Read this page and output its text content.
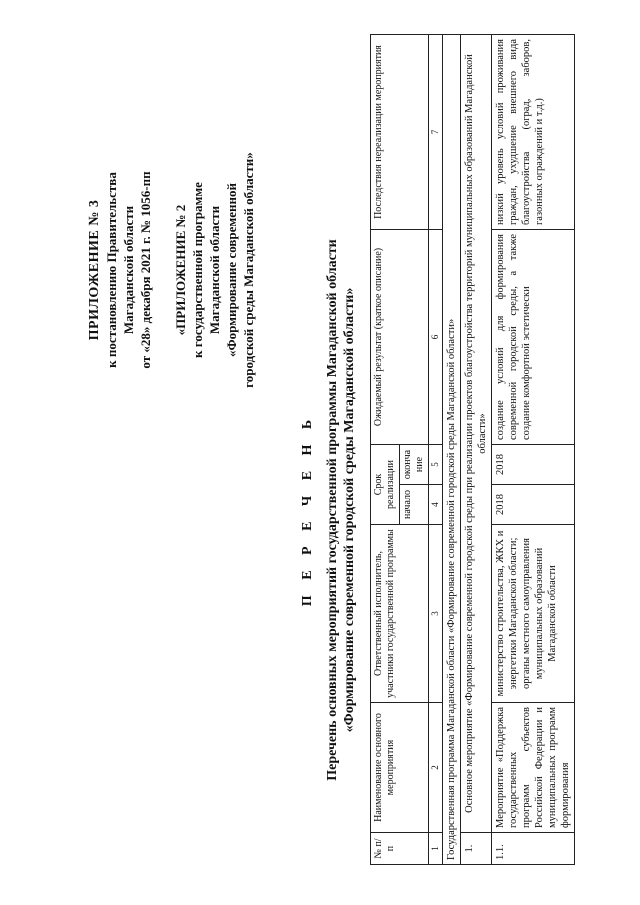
ПРИЛОЖЕНИЕ № 3 к постановлению Правительства Магаданской области от «28» декабря 2021 г. № 1056-пп «ПРИЛОЖЕНИЕ № 2 к государственной программе Магаданской области «Формирование современной городской среды Магаданской области»
П Е Р Е Ч Е Н Ь Перечень основных мероприятий государственной программы Магаданской области «Формирование современной городской среды Магаданской области»
№ п/п	Наименование основного мероприятия	Ответственный исполнитель, участники государственной программы	Срок реализации		Ожидаемый результат (краткое описание)	Последствия нереализации мероприятия
			начало	оконча ние		
1	2	3	4	5	6	7
Государственная программа Магаданской области «Формирование современной городской среды Магаданской области»						
1.	Основное мероприятие «Формирование современной городской среды при реализации проектов благоустройства территорий муниципальных образований Магаданской области»					
1.1.	Мероприятие «Поддержка государственных программ субъектов Российской Федерации и муниципальных программ формирования	министерство строительства, ЖКХ и энергетики Магаданской области; органы местного самоуправления муниципальных образований Магаданской области	2018	2018	создание условий для формирования современной городской среды, а также создание комфортной эстетически	низкий уровень условий проживания граждан, ухудшение внешнего вида благоустройства (оград, заборов, газонных ограждений и т.д.)
